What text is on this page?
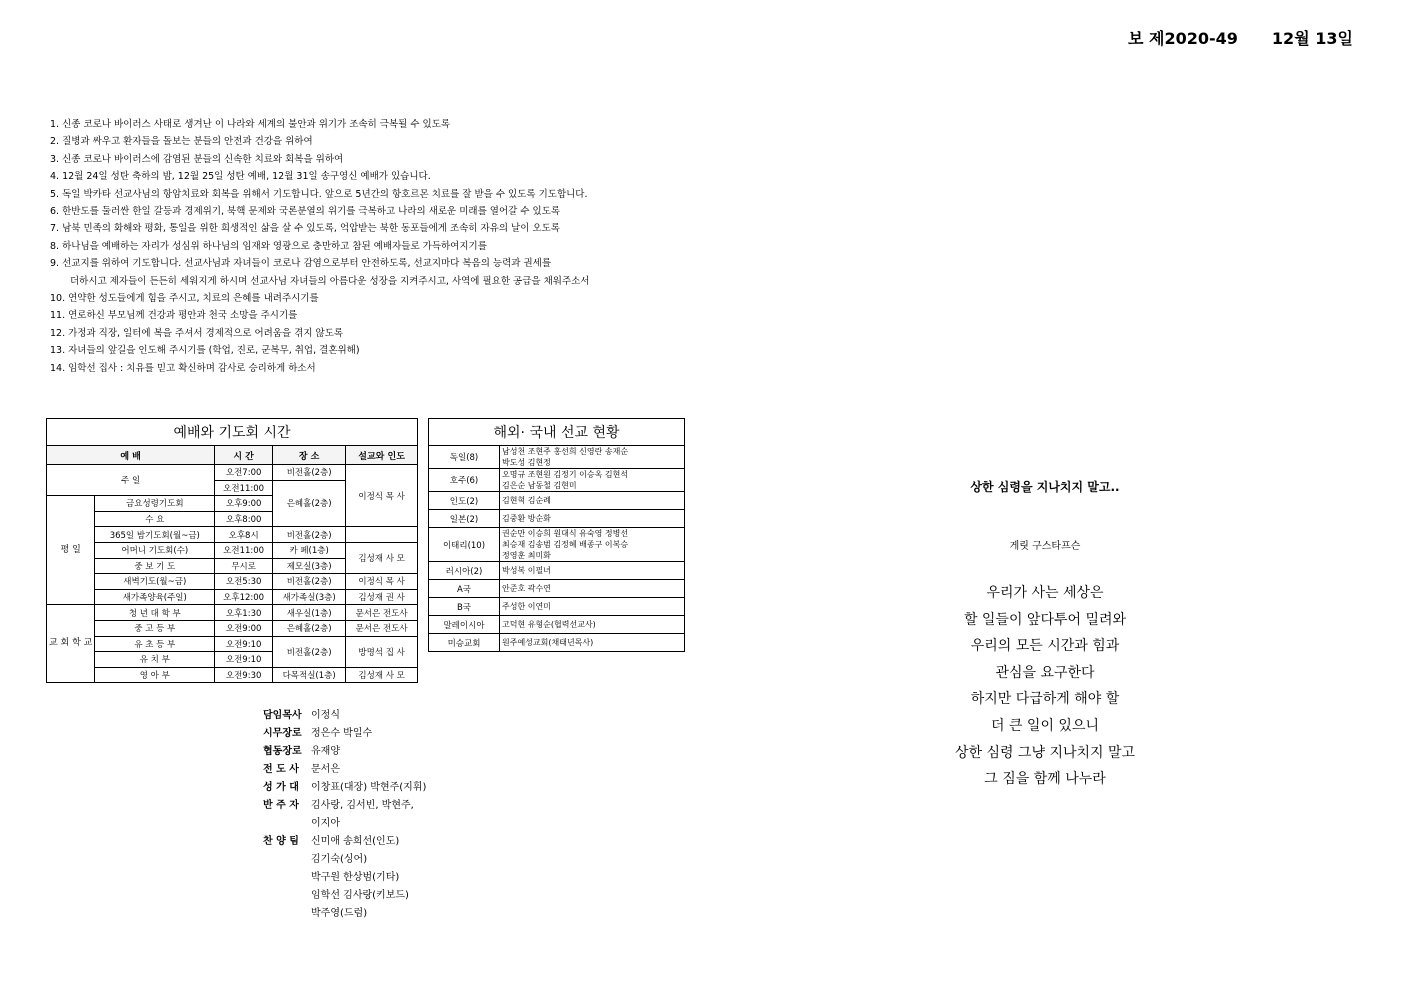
보 제2020-49 12월 13일
1. 신종 코로나 바이러스 사태로 생겨난 이 나라와 세계의 불안과 위기가 조속히 극복될 수 있도록
2. 질병과 싸우고 환자들을 돌보는 분들의 안전과 건강을 위하여
3. 신종 코로나 바이러스에 감염된 분들의 신속한 치료와 회복을 위하여
4. 12월 24일 성탄 축하의 밤, 12월 25일 성탄 예배, 12월 31일 송구영신 예배가 있습니다.
5. 독일 박카타 선교사님의 항암치료와 회복을 위해서 기도합니다. 앞으로 5년간의 항호르몬 치료를 잘 받을 수 있도록 기도합니다.
6. 한반도를 둘러싼 한일 갈등과 경제위기, 북핵 문제와 국론분열의 위기를 극복하고 나라의 새로운 미래를 열어갈 수 있도록
7. 남북 민족의 화해와 평화, 통일을 위한 희생적인 삶을 살 수 있도록, 억압받는 북한 동포들에게 조속히 자유의 날이 오도록
8. 하나님을 예배하는 자리가 성심위 하나님의 임재와 영광으로 충만하고 참된 예배자들로 가득하여지기를
9. 선교지를 위하여 기도합니다. 선교사님과 자녀들이 코로나 감염으로부터 안전하도록, 선교지마다 복음의 능력과 권세를
더하시고 제자들이 든든히 세워지게 하시며 선교사님 자녀들의 아름다운 성장을 지켜주시고, 사역에 필요한 공급을 채워주소서
10. 연약한 성도들에게 힘을 주시고, 치료의 은혜를 내려주시기를
11. 연로하신 부모님께 건강과 평안과 천국 소망을 주시기를
12. 가정과 직장, 일터에 복을 주셔서 경제적으로 어려움을 겪지 않도록
13. 자녀들의 앞길을 인도해 주시기를 (학업, 진로, 군복무, 취업, 결혼위해)
14. 임학선 집사 : 치유를 믿고 확신하며 감사로 승리하게 하소서
예배와 기도회 시간				
예 배		시 간	장 소	설교와 인도
주 일		오전7:00	비전홀(2층)	이정식 목 사
		오전11:00	은혜홀(2층)	
평 일	금요성령기도회	오후9:00		
	수 요	오후8:00		
	365일 밤기도회(월~금)	오후8시	비전홀(2층)	
	어머니 기도회(수)	오전11:00	카 페(1층)	김성재 사 모
	중 보 기 도	무시로	제모실(3층)	
	새벽기도(월~금)	오전5:30	비전홀(2층)	이정식 목 사
	새가족양육(주일)	오후12:00	새가족실(3층)	김성재 권 사
교 회 학 교	청 년 대 학 부	오후1:30	새우실(1층)	문서은 전도사
	중 고 등 부	오전9:00	은혜홀(2층)	문서은 전도사
	유 초 등 부	오전9:10	비전홀(2층)	방명석 집 사
	유 치 부	오전9:10		
	영 아 부	오전9:30	다목적실(1층)	김성재 사 모
해외· 국내 선교 현황	
독일(8)	남성천 조현주 홍선희 신영란 송재순
박도성 김현정

호주(6)	오명규 조현원 김정기 이승옥 김현석
김은순 남동철 김현미

인도(2)	김현혁 김순례
일본(2)	김중환 방순화
이태리(10)	권순만 이승희 원대식 유숙영 정병선
최승재 김송범 김정혜 배종구 이복승
정영훈 최미화

러시아(2)	박성복 이필녀
A국	안준호 곽수연
B국	주성한 이연미
말레이시아	고덕현 유형순(협력선교사)
미승교회	원주예성교회(채태년목사)
담임목사 이정식
시무장로 정은수 박일수
협동장로 유재양
전 도 사	문서은
성 가 대	이창표(대장) 박현주(지휘)
반 주 자	김사랑, 김서빈, 박현주,
이지아
찬 양 팀	신미애 송희선(인도)
김기숙(싱어)
박구원 한상범(기타)
임학선 김사랑(키보드)
박주영(드럼)
상한 심령을 지나치지 말고..
게릿 구스타프슨
우리가 사는 세상은
할 일들이 앞다투어 밀려와
우리의 모든 시간과 힘과
관심을 요구한다
하지만 다급하게 해야 할
더 큰 일이 있으니
상한 심령 그냥 지나치지 말고
그 짐을 함께 나누라
